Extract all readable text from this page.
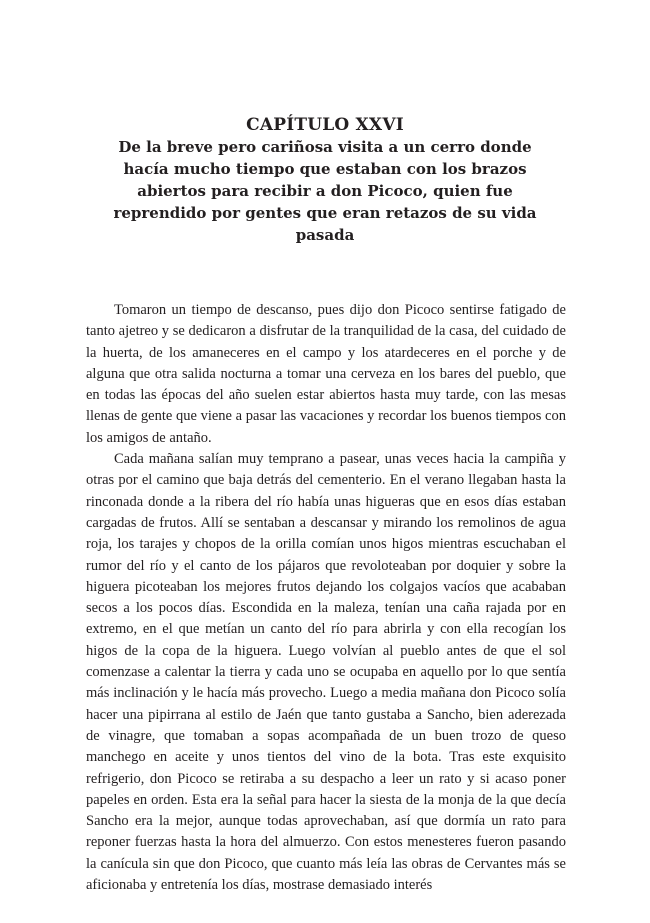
CAPÍTULO XXVI
De la breve pero cariñosa visita a un cerro donde hacía mucho tiempo que estaban con los brazos abiertos para recibir a don Picoco, quien fue reprendido por gentes que eran retazos de su vida pasada

Tomaron un tiempo de descanso, pues dijo don Picoco sentirse fatigado de tanto ajetreo y se dedicaron a disfrutar de la tranquilidad de la casa, del cuidado de la huerta, de los amaneceres en el campo y los atardeceres en el porche y de alguna que otra salida nocturna a tomar una cerveza en los bares del pueblo, que en todas las épocas del año suelen estar abiertos hasta muy tarde, con las mesas llenas de gente que viene a pasar las vacaciones y recordar los buenos tiempos con los amigos de antaño.

Cada mañana salían muy temprano a pasear, unas veces hacia la campiña y otras por el camino que baja detrás del cementerio. En el verano llegaban hasta la rinconada donde a la ribera del río había unas higueras que en esos días estaban cargadas de frutos. Allí se sentaban a descansar y mirando los remolinos de agua roja, los tarajes y chopos de la orilla comían unos higos mientras escuchaban el rumor del río y el canto de los pájaros que revoloteaban por doquier y sobre la higuera picoteaban los mejores frutos dejando los colgajos vacíos que acababan secos a los pocos días. Escondida en la maleza, tenían una caña rajada por en extremo, en el que metían un canto del río para abrirla y con ella recogían los higos de la copa de la higuera. Luego volvían al pueblo antes de que el sol comenzase a calentar la tierra y cada uno se ocupaba en aquello por lo que sentía más inclinación y le hacía más provecho. Luego a media mañana don Picoco solía hacer una pipirrana al estilo de Jaén que tanto gustaba a Sancho, bien aderezada de vinagre, que tomaban a sopas acompañada de un buen trozo de queso manchego en aceite y unos tientos del vino de la bota. Tras este exquisito refrigerio, don Picoco se retiraba a su despacho a leer un rato y si acaso poner papeles en orden. Esta era la señal para hacer la siesta de la monja de la que decía Sancho era la mejor, aunque todas aprovechaban, así que dormía un rato para reponer fuerzas hasta la hora del almuerzo. Con estos menesteres fueron pasando la canícula sin que don Picoco, que cuanto más leía las obras de Cervantes más se aficionaba y entretenía los días, mostrase demasiado interés
